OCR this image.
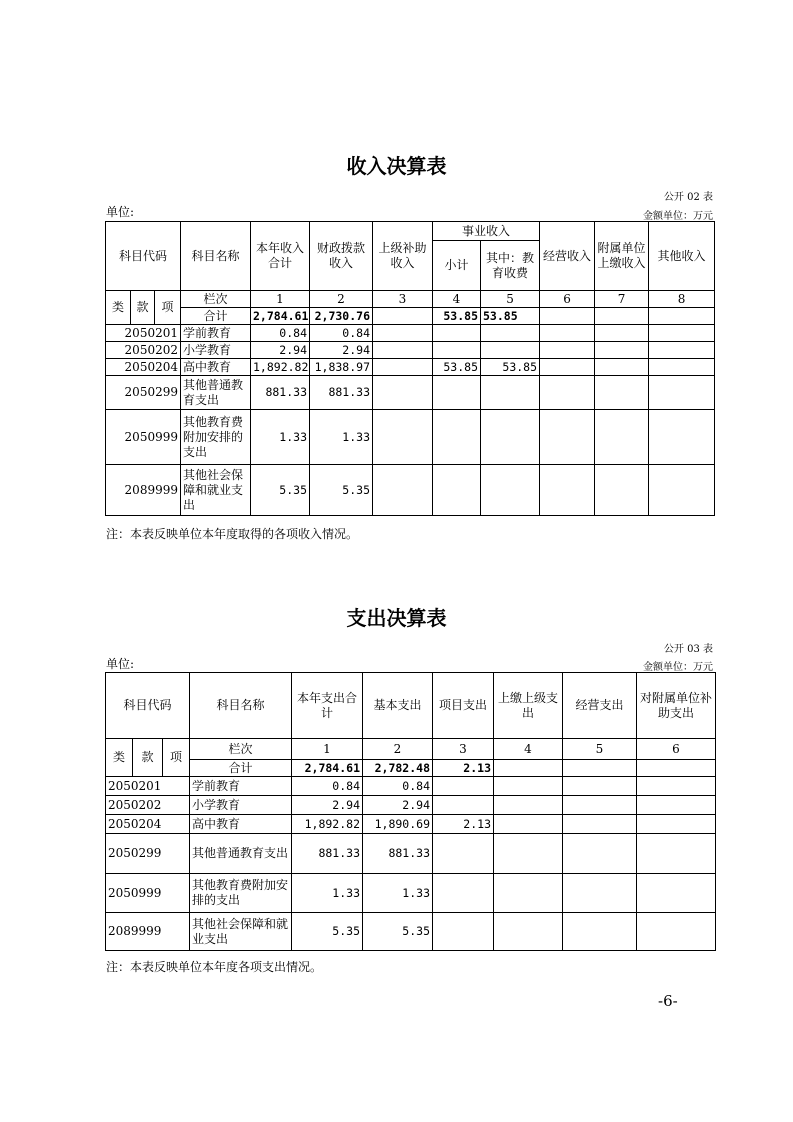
收入决算表
公开 02 表
单位:	金额单位：万元
科目代码			科目名称	本年收入合计	财政拨款收入	上级补助收入	事业收入		经营收入	附属单位上缴收入	其他收入
							小计	其中：教育收费			

类	款	项	栏次	1	2	3	4	5	6	7	8
			合计	2,784.61	2,730.76		53.85	53.85			
2050201			学前教育	0.84	0.84						
2050202			小学教育	2.94	2.94						
2050204			高中教育	1,892.82	1,838.97		53.85	53.85			
2050299			其他普通教育支出	881.33	881.33						
2050999			其他教育费附加安排的支出	1.33	1.33						
2089999			其他社会保障和就业支出	5.35	5.35						
注：本表反映单位本年度取得的各项收入情况。
支出决算表
公开 03 表
单位:	金额单位：万元
科目代码			科目名称	本年支出合计	基本支出	项目支出	上缴上级支出	经营支出	对附属单位补助支出
类	款	项	栏次	1	2	3	4	5	6
			合计	2,784.61	2,782.48	2.13			
2050201			学前教育	0.84	0.84				
2050202			小学教育	2.94	2.94				
2050204			高中教育	1,892.82	1,890.69	2.13			
2050299			其他普通教育支出	881.33	881.33				
2050999			其他教育费附加安排的支出	1.33	1.33				
2089999			其他社会保障和就业支出	5.35	5.35				
注：本表反映单位本年度各项支出情况。
-6-
